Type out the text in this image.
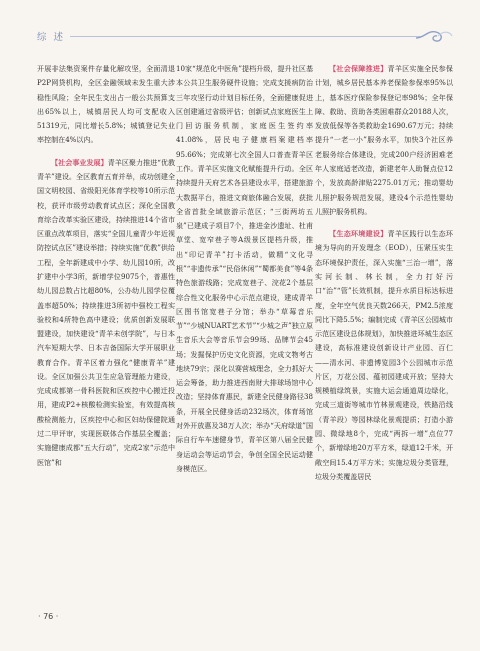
综 述

开展非法集资案件存量化解攻坚，全面清退P2P网贷机构，全区金融领域未发生重大涉稳性风险；全年民生支出占一般公共预算支出65%以上，城镇居民人均可支配收入51319元，同比增长5.8%；城镇登记失业率控制在4%以内。

【社会事业发展】青羊区聚力推进“优教青羊”建设。全区教育五育并举，成功创建全国文明校园、省级阳光体育学校等10所示范校，获评市级劳动教育试点区；深化全国教育综合改革实验区建设，持续推进14个省市区重点改革项目，落实“全国儿童青少年近视防控试点区”建设举措；持续实施“优教”供给工程，全年新建成中小学、幼儿园10所，改扩建中小学3所，新增学位9075个，普惠性幼儿园总数占比超80%，公办幼儿园学位覆盖率超50%；持续推进3所初中强校工程实验校和4所特色高中建设；优质创新发展联盟建设，加快建设“青羊未创学院”，与日本汽车短期大学、日本吉备国际大学开展职业教育合作。青羊区着力强化“健康青羊”建设。全区加强公共卫生应急管理能力建设，完成成都第一骨科医院和区疾控中心搬迁投用，建成P2+核酸检测实验室，有效提高核酸检测能力，区疾控中心和区妇幼保健院通过二甲评审，实现医联体合作基层全覆盖；实施健康成都“五大行动”，完成2家“示范中医馆”和

10家“规范化中医角”提档升级，提升社区基本公共卫生服务硬件设施；完成支援病防治三年攻坚行动计划目标任务，全面健康促进区创建通过省级评估；创新试点家庭医生上门回访服务机制，家庭医生签约率41.08%，居民电子健康档案建档率95.66%；完成第七次全国人口普查青羊区工作。青羊区实施文化赋能提升行动。全区持续提升天府艺术各县建设水平，搭建旅游大数据平台，推进文商旅体融合发展，获批全省首批全域旅游示范区；“三街两坊五泉”已建成子项目7个，推进金沙遗址、杜甫草堂、宽窄巷子等A级景区提档升级，推出“印记青羊”打卡活动，做精“文化寻根”“非遗传承”“民俗休闲”“蜀都美食”等4条特色旅游线路；完成宽巷子、浣花2个基层综合性文化服务中心示范点建设，建成青羊区图书馆宽巷子分馆；举办“草莓音乐节”“少城NUART艺术节”“少城之声”独立原生音乐大会等音乐节会99场、品牌节会45场；发掘保护历史文化资源，完成文物考古地块79宗；深化以赛营城理念，全力抓好大运会筹备，助力推进西南财大排球场馆中心改造；坚持体育惠民，新建全民健身路径38条，开展全民健身活动232场次，体育场馆对外开放惠及38万人次；举办“天府绿道”国际自行车车速健身节，青羊区第八届全民健身运动会等运动节会，争创全国全民运动健身模范区。

【社会保障推进】青羊区实施全民参保计划，城乡居民基本养老保险参保率95%以上，基本医疗保险参保登记率98%；全年保障、救助、资助各类困难群众20188人次，发放低保等各类救助金1690.67万元；持续提升“一老一小”服务水平，加快3个社区养老服务综合体建设，完成200户经济困难老年人家庭适老改造，新建老年人助餐点位12个，发放高龄津贴2275.01万元；推动婴幼儿照护服务规范发展，建设4个示范性婴幼儿照护服务机构。

【生态环境建设】青羊区践行以生态环境为导向的开发理念（EOD），压紧压实生态环境保护责任，深入实施“三治一增”，落实河长制、林长制，全力打好污口“治”“管”长效机制，提升水质目标达标进度，全年空气优良天数266天，PM2.5浓度同比下降5.5%；编制完成《青羊区公园城市示范区建设总体规划》，加快推进环城生态区建设，高标准建设创新设计产业园、百仁——清水河、非遗博览园3个公园城市示范片区，万花公园、蕴初园建成开放；坚持大规模植绿筑景，实施大运会通道周边绿化，完成三道街等城市竹林景观建设，铁路沿线（青羊段）等园林绿化景观提质；打造小游园、微绿地8个，完成“两拆一增”点位77个，新增绿地20万平方米，绿道12千米，开敞空间15.4万平方米；实施垃圾分类管理，垃圾分类覆盖居民

· 76 ·
